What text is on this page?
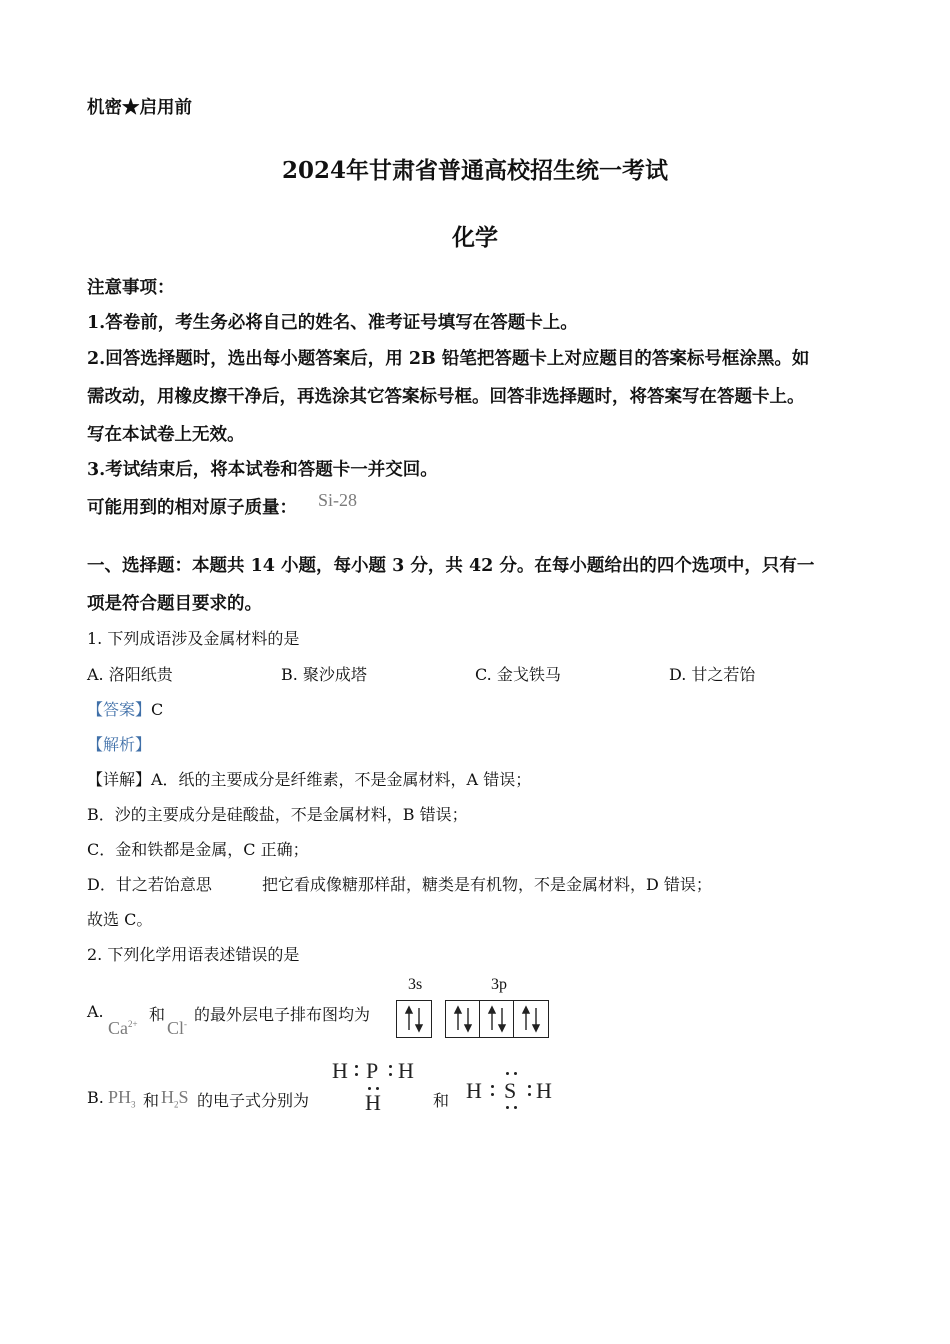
机密★启用前
2024年甘肃省普通高校招生统一考试
化学
注意事项：
1.答卷前，考生务必将自己的姓名、准考证号填写在答题卡上。
2.回答选择题时，选出每小题答案后，用 2B 铅笔把答题卡上对应题目的答案标号框涂黑。如
需改动，用橡皮擦干净后，再选涂其它答案标号框。回答非选择题时，将答案写在答题卡上。
写在本试卷上无效。
3.考试结束后，将本试卷和答题卡一并交回。
可能用到的相对原子质量： Si-28
一、选择题：本题共 14 小题，每小题 3 分，共 42 分。在每小题给出的四个选项中，只有一
项是符合题目要求的。
1. 下列成语涉及金属材料的是
A. 洛阳纸贵	B. 聚沙成塔	C. 金戈铁马	D. 甘之若饴
【答案】C
【解析】
【详解】A．纸的主要成分是纤维素，不是金属材料，A 错误；
B．沙的主要成分是硅酸盐，不是金属材料，B 错误；
C．金和铁都是金属，C 正确；
D．甘之若饴意思	把它看成像糖那样甜，糖类是有机物，不是金属材料，D 错误；
故选 C。
2. 下列化学用语表述错误的是
A.	和 的最外层电子排布图均为
$Ca^{2+}$ Cl-
3s	3p
B. $PH_3$ 和 $H_2S$ 的电子式分别为
H P H
H	和 H S H
